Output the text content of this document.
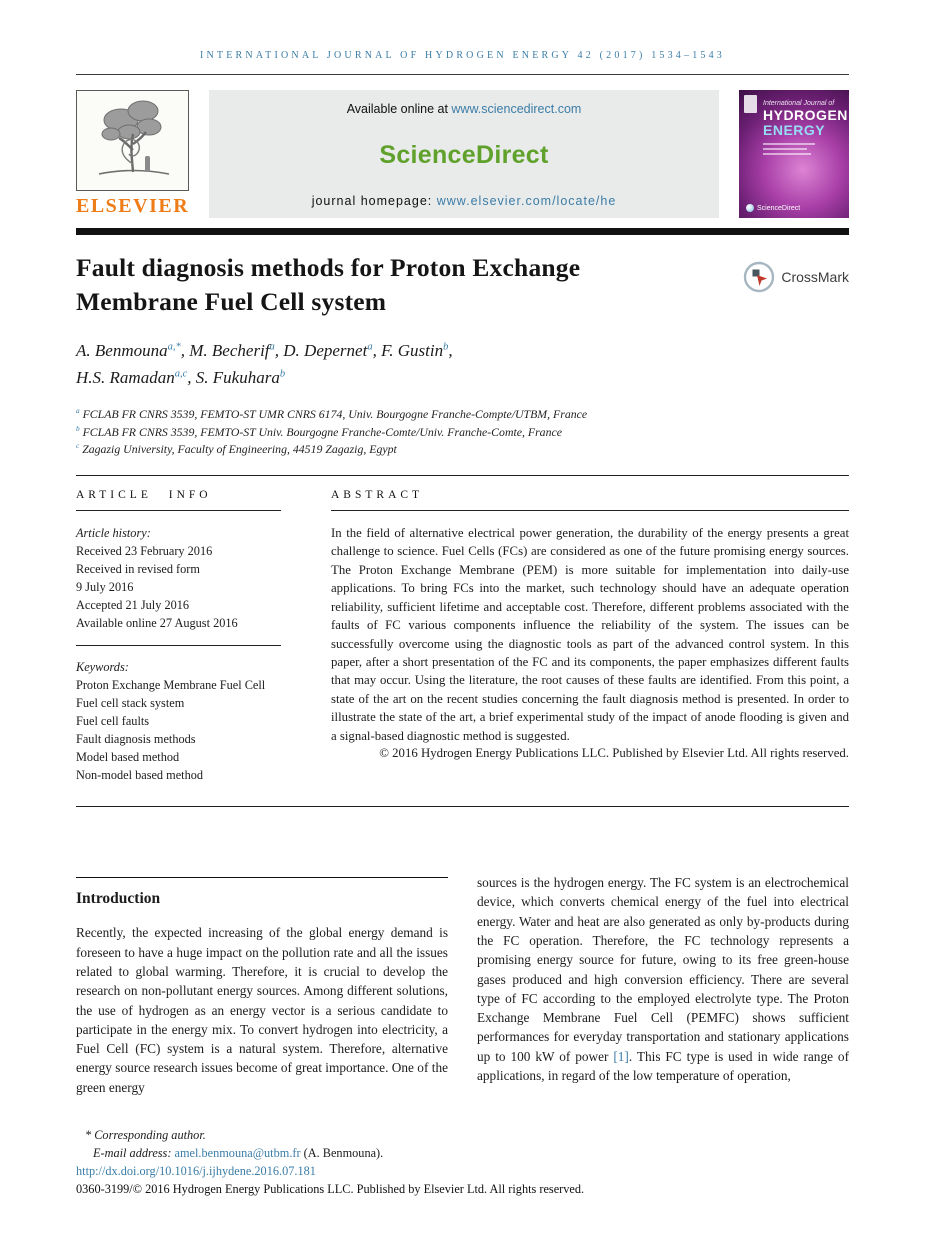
INTERNATIONAL JOURNAL OF HYDROGEN ENERGY 42 (2017) 1534–1543
ELSEVIER
Available online at www.sciencedirect.com
ScienceDirect
journal homepage: www.elsevier.com/locate/he
International Journal of
HYDROGEN
ENERGY
ScienceDirect
Fault diagnosis methods for Proton Exchange Membrane Fuel Cell system
CrossMark
A. Benmouna$^{a,*}$, M. Becherif$^a$, D. Depernet$^a$, F. Gustin$^b$,
H.S. Ramadan$^{a,c}$, S. Fukuhara$^b$
$^a$ FCLAB FR CNRS 3539, FEMTO-ST UMR CNRS 6174, Univ. Bourgogne Franche-Compte/UTBM, France
$^b$ FCLAB FR CNRS 3539, FEMTO-ST Univ. Bourgogne Franche-Comte/Univ. Franche-Comte, France
$^c$ Zagazig University, Faculty of Engineering, 44519 Zagazig, Egypt
ARTICLE INFO
Article history:
Received 23 February 2016
Received in revised form
9 July 2016
Accepted 21 July 2016
Available online 27 August 2016
Keywords:
Proton Exchange Membrane Fuel Cell
Fuel cell stack system
Fuel cell faults
Fault diagnosis methods
Model based method
Non-model based method
ABSTRACT

In the field of alternative electrical power generation, the durability of the energy presents a great challenge to science. Fuel Cells (FCs) are considered as one of the future promising energy sources. The Proton Exchange Membrane (PEM) is more suitable for implementation into daily-use applications. To bring FCs into the market, such technology should have an adequate operation reliability, sufficient lifetime and acceptable cost. Therefore, different problems associated with the faults of FC various components influence the reliability of the system. The issues can be successfully overcome using the diagnostic tools as part of the advanced control system. In this paper, after a short presentation of the FC and its components, the paper emphasizes different faults that may occur. Using the literature, the root causes of these faults are identified. From this point, a state of the art on the recent studies concerning the fault diagnosis method is presented. In order to illustrate the state of the art, a brief experimental study of the impact of anode flooding is given and a signal-based diagnostic method is suggested.

© 2016 Hydrogen Energy Publications LLC. Published by Elsevier Ltd. All rights reserved.
Introduction

Recently, the expected increasing of the global energy demand is foreseen to have a huge impact on the pollution rate and all the issues related to global warming. Therefore, it is crucial to develop the research on non-pollutant energy sources. Among different solutions, the use of hydrogen as an energy vector is a serious candidate to participate in the energy mix. To convert hydrogen into electricity, a Fuel Cell (FC) system is a natural system. Therefore, alternative energy source research issues become of great importance. One of the green energy

sources is the hydrogen energy. The FC system is an electrochemical device, which converts chemical energy of the fuel into electrical energy. Water and heat are also generated as only by-products during the FC operation. Therefore, the FC technology represents a promising energy source for future, owing to its free green-house gases produced and high conversion efficiency. There are several type of FC according to the employed electrolyte type. The Proton Exchange Membrane Fuel Cell (PEMFC) shows sufficient performances for everyday transportation and stationary applications up to 100 kW of power [1]. This FC type is used in wide range of applications, in regard of the low temperature of operation,

* Corresponding author.
E-mail address: amel.benmouna@utbm.fr (A. Benmouna).
http://dx.doi.org/10.1016/j.ijhydene.2016.07.181
0360-3199/© 2016 Hydrogen Energy Publications LLC. Published by Elsevier Ltd. All rights reserved.
